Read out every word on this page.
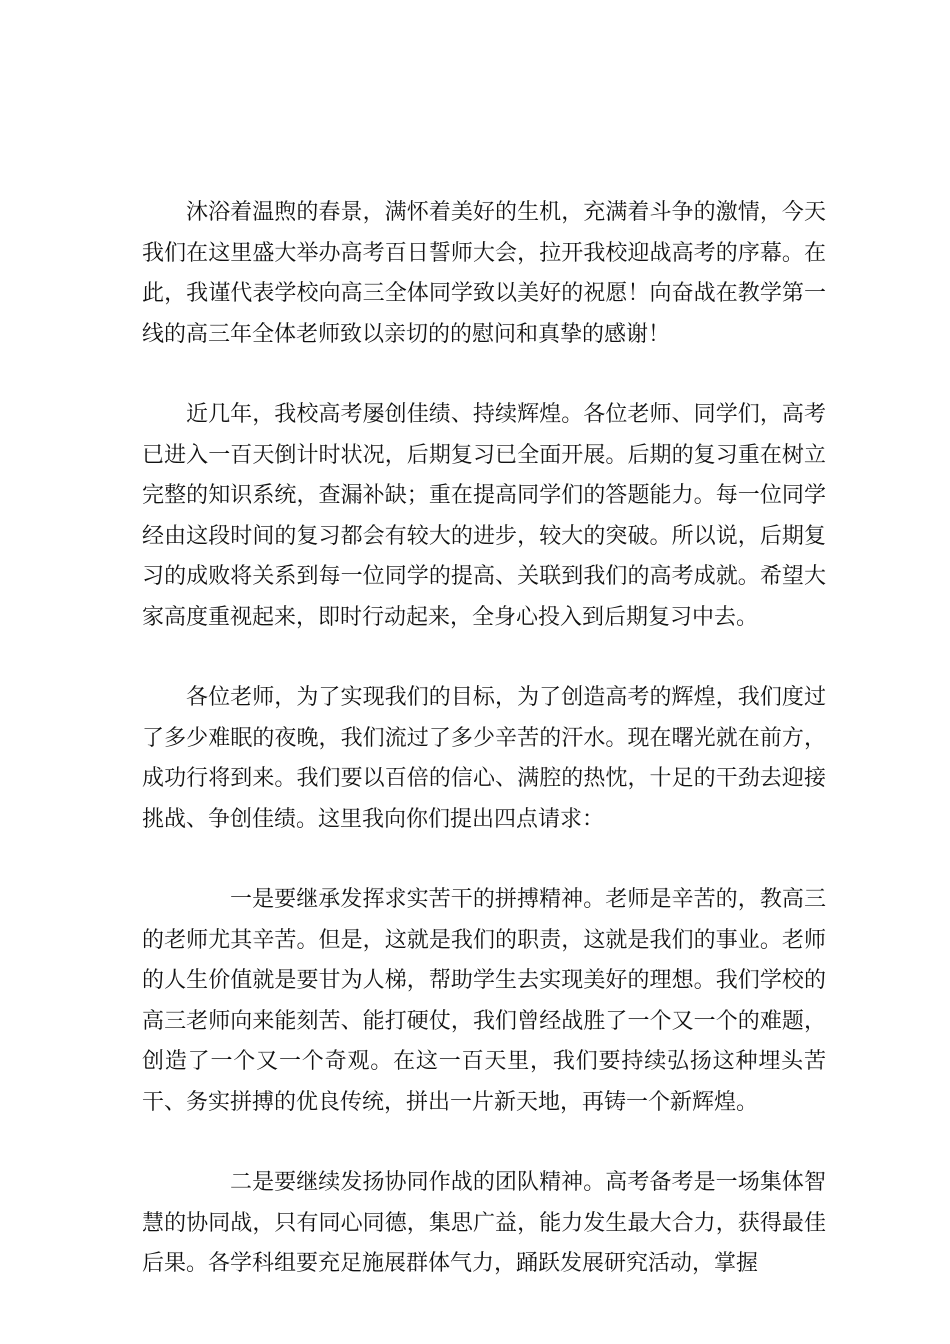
沐浴着温煦的春景，满怀着美好的生机，充满着斗争的激情，今天我们在这里盛大举办高考百日誓师大会，拉开我校迎战高考的序幕。在此，我谨代表学校向高三全体同学致以美好的祝愿！向奋战在教学第一线的高三年全体老师致以亲切的的慰问和真挚的感谢！

近几年，我校高考屡创佳绩、持续辉煌。各位老师、同学们，高考已进入一百天倒计时状况，后期复习已全面开展。后期的复习重在树立完整的知识系统，查漏补缺；重在提高同学们的答题能力。每一位同学经由这段时间的复习都会有较大的进步，较大的突破。所以说，后期复习的成败将关系到每一位同学的提高、关联到我们的高考成就。希望大家高度重视起来，即时行动起来，全身心投入到后期复习中去。

各位老师，为了实现我们的目标，为了创造高考的辉煌，我们度过了多少难眠的夜晚，我们流过了多少辛苦的汗水。现在曙光就在前方，成功行将到来。我们要以百倍的信心、满腔的热忱，十足的干劲去迎接挑战、争创佳绩。这里我向你们提出四点请求：

一是要继承发挥求实苦干的拼搏精神。老师是辛苦的，教高三的老师尤其辛苦。但是，这就是我们的职责，这就是我们的事业。老师的人生价值就是要甘为人梯，帮助学生去实现美好的理想。我们学校的高三老师向来能刻苦、能打硬仗，我们曾经战胜了一个又一个的难题，创造了一个又一个奇观。在这一百天里，我们要持续弘扬这种埋头苦干、务实拼搏的优良传统，拼出一片新天地，再铸一个新辉煌。

二是要继续发扬协同作战的团队精神。高考备考是一场集体智慧的协同战，只有同心同德，集思广益，能力发生最大合力，获得最佳后果。各学科组要充足施展群体气力，踊跃发展研究活动，掌握
